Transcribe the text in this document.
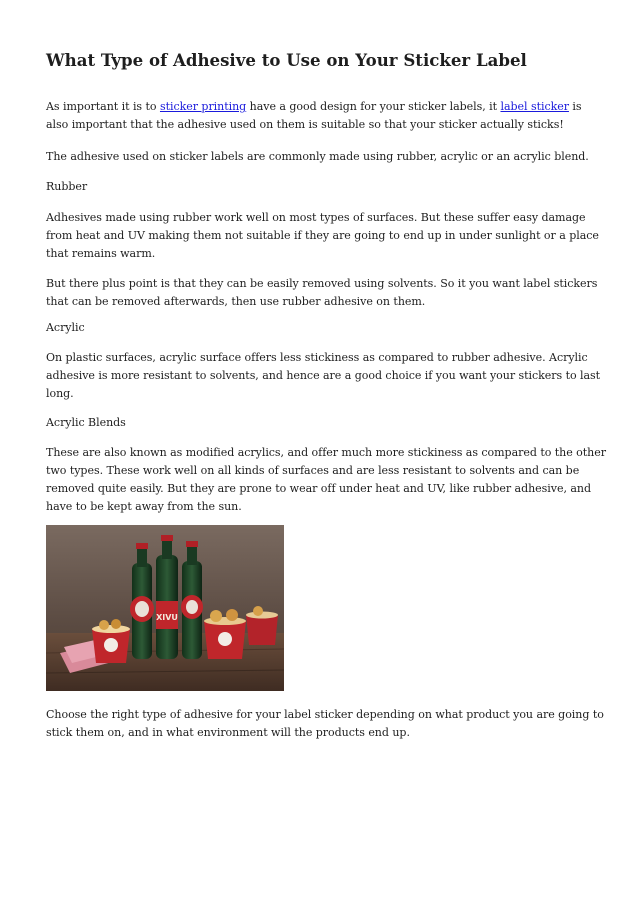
What Type of Adhesive to Use on Your Sticker Label

As important it is to sticker printing have a good design for your sticker labels, it label sticker is also important that the adhesive used on them is suitable so that your sticker actually sticks!

The adhesive used on sticker labels are commonly made using rubber, acrylic or an acrylic blend.

Rubber

Adhesives made using rubber work well on most types of surfaces. But these suffer easy damage from heat and UV making them not suitable if they are going to end up in under sunlight or a place that remains warm.

But there plus point is that they can be easily removed using solvents. So it you want label stickers that can be removed afterwards, then use rubber adhesive on them.

Acrylic

On plastic surfaces, acrylic surface offers less stickiness as compared to rubber adhesive. Acrylic adhesive is more resistant to solvents, and hence are a good choice if you want your stickers to last long.

Acrylic Blends

These are also known as modified acrylics, and offer much more stickiness as compared to the other two types. These work well on all kinds of surfaces and are less resistant to solvents and can be removed quite easily. But they are prone to wear off under heat and UV, like rubber adhesive, and have to be kept away from the sun.

XIVU

Choose the right type of adhesive for your label sticker depending on what product you are going to stick them on, and in what environment will the products end up.
